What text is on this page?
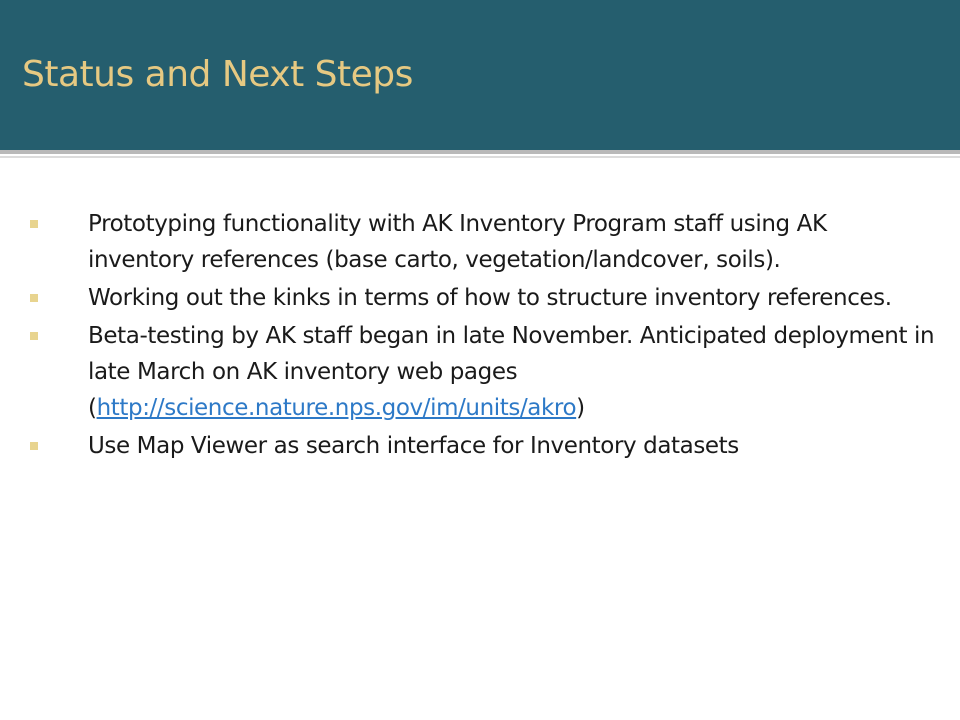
Status and Next Steps
Prototyping functionality with AK Inventory Program staff using AK inventory references (base carto, vegetation/landcover, soils).
Working out the kinks in terms of how to structure inventory references.
Beta-testing by AK staff began in late November. Anticipated deployment in late March on AK inventory web pages (http://science.nature.nps.gov/im/units/akro)
Use Map Viewer as search interface for Inventory datasets
